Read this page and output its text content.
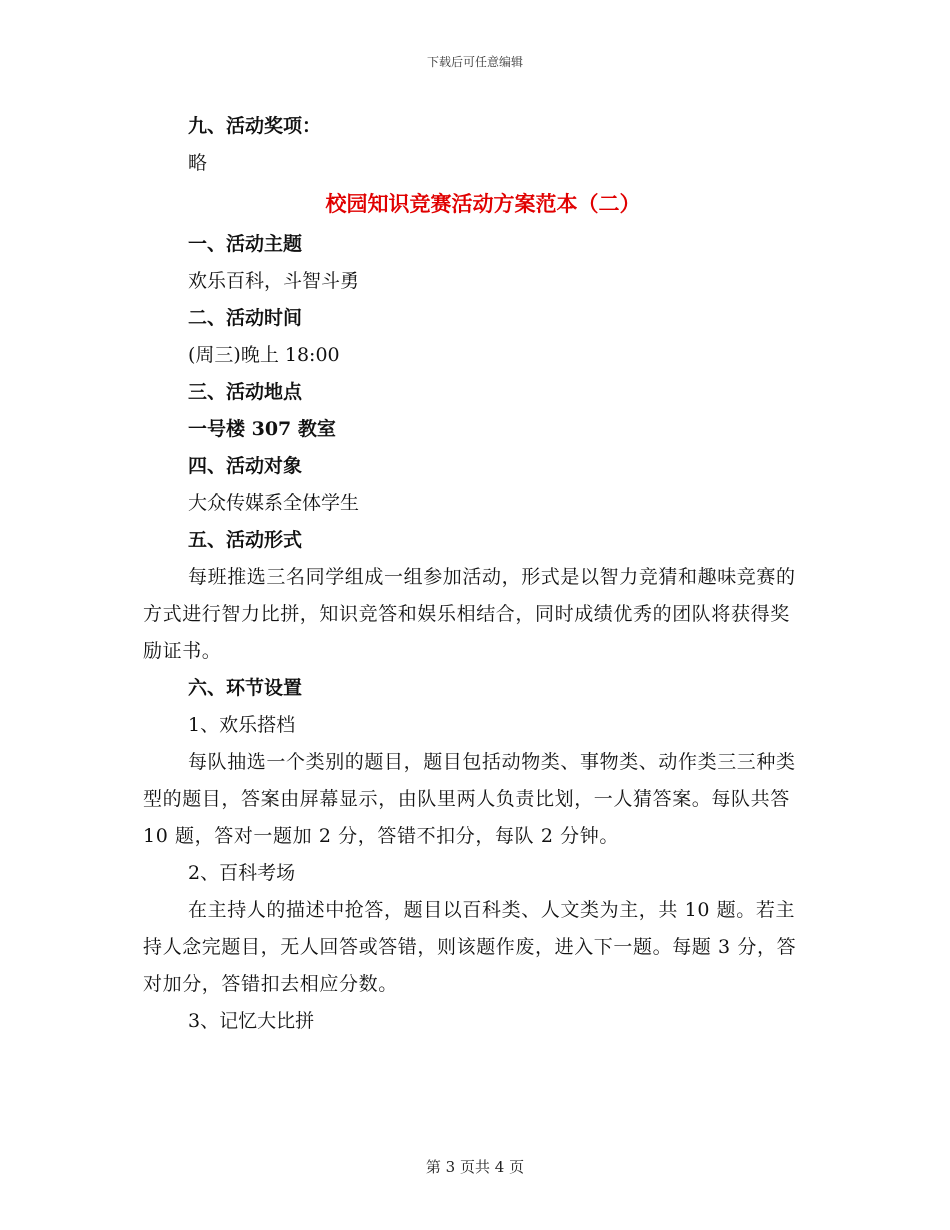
下载后可任意编辑

九、活动奖项：

略

校园知识竞赛活动方案范本（二）

一、活动主题

欢乐百科，斗智斗勇

二、活动时间

(周三)晚上 18:00

三、活动地点

一号楼 307 教室

四、活动对象

大众传媒系全体学生

五、活动形式

每班推选三名同学组成一组参加活动，形式是以智力竞猜和趣味竞赛的方式进行智力比拼，知识竞答和娱乐相结合，同时成绩优秀的团队将获得奖励证书。

六、环节设置

1、欢乐搭档

每队抽选一个类别的题目，题目包括动物类、事物类、动作类三三种类型的题目，答案由屏幕显示，由队里两人负责比划，一人猜答案。每队共答 10 题，答对一题加 2 分，答错不扣分，每队 2 分钟。

2、百科考场

在主持人的描述中抢答，题目以百科类、人文类为主，共 10 题。若主持人念完题目，无人回答或答错，则该题作废，进入下一题。每题 3 分，答对加分，答错扣去相应分数。

3、记忆大比拼

第 3 页共 4 页
